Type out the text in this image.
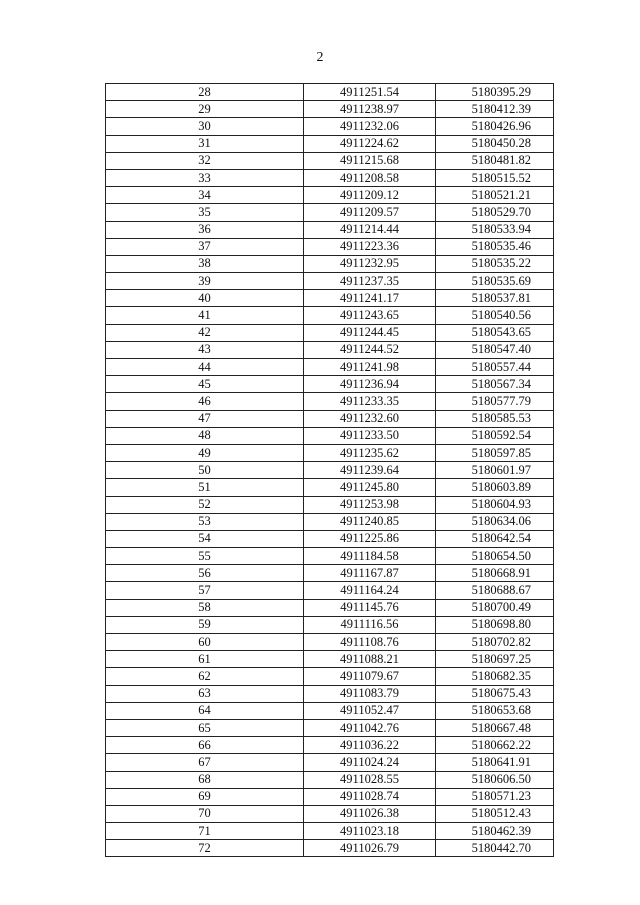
2
28	4911251.54	5180395.29
29	4911238.97	5180412.39
30	4911232.06	5180426.96
31	4911224.62	5180450.28
32	4911215.68	5180481.82
33	4911208.58	5180515.52
34	4911209.12	5180521.21
35	4911209.57	5180529.70
36	4911214.44	5180533.94
37	4911223.36	5180535.46
38	4911232.95	5180535.22
39	4911237.35	5180535.69
40	4911241.17	5180537.81
41	4911243.65	5180540.56
42	4911244.45	5180543.65
43	4911244.52	5180547.40
44	4911241.98	5180557.44
45	4911236.94	5180567.34
46	4911233.35	5180577.79
47	4911232.60	5180585.53
48	4911233.50	5180592.54
49	4911235.62	5180597.85
50	4911239.64	5180601.97
51	4911245.80	5180603.89
52	4911253.98	5180604.93
53	4911240.85	5180634.06
54	4911225.86	5180642.54
55	4911184.58	5180654.50
56	4911167.87	5180668.91
57	4911164.24	5180688.67
58	4911145.76	5180700.49
59	4911116.56	5180698.80
60	4911108.76	5180702.82
61	4911088.21	5180697.25
62	4911079.67	5180682.35
63	4911083.79	5180675.43
64	4911052.47	5180653.68
65	4911042.76	5180667.48
66	4911036.22	5180662.22
67	4911024.24	5180641.91
68	4911028.55	5180606.50
69	4911028.74	5180571.23
70	4911026.38	5180512.43
71	4911023.18	5180462.39
72	4911026.79	5180442.70
